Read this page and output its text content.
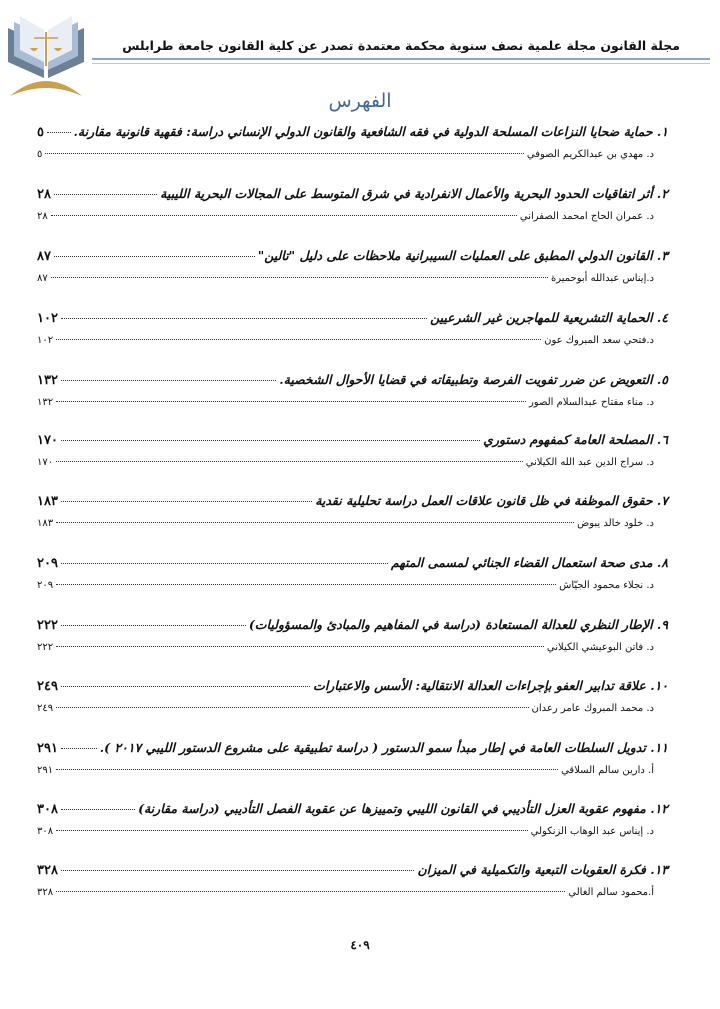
مجلة القانون مجلة علمية نصف سنوية محكمة معتمدة تصدر عن كلية القانون جامعة طرابلس
الفهرس
١. حماية ضحايا النزاعات المسلحة الدولية في فقه الشافعية والقانون الدولي الإنساني دراسة: فقهية قانونية مقارنة.
٥
د. مهدي بن عبدالكريم الصوفي
٥
٢. أثر اتفاقيات الحدود البحرية والأعمال الانفرادية في شرق المتوسط على المجالات البحرية الليبية
٢٨
د. عمران الحاج امحمد الصفراني
٢٨
٣. القانون الدولي المطبق على العمليات السيبرانية ملاحظات على دليل "تالين"
٨٧
د.إيناس عبدالله أبوحميرة
٨٧
٤. الحماية التشريعية للمهاجرين غير الشرعيين
١٠٢
د.فتحي سعد المبروك عون
١٠٢
٥. التعويض عن ضرر تفويت الفرصة وتطبيقاته في قضايا الأحوال الشخصية.
١٣٢
د. مناء مفتاح عبدالسلام الصور
١٣٢
٦. المصلحة العامة كمفهوم دستوري
١٧٠
د. سراج الدين عبد الله الكيلاني
١٧٠
٧. حقوق الموظفة في ظل قانون علاقات العمل دراسة تحليلية نقدية
١٨٣
د. خلود خالد يبوض
١٨٣
٨. مدى صحة استعمال القضاء الجنائي لمسمى المتهم
٢٠٩
د. نجلاء محمود الجيّاش
٢٠٩
٩. الإطار النظري للعدالة المستعادة (دراسة في المفاهيم والمبادئ والمسؤوليات)
٢٢٢
د. فاتن البوعيشي الكيلاني
٢٢٢
١٠. علاقة تدابير العفو بإجراءات العدالة الانتقالية: الأسس والاعتبارات
٢٤٩
د. محمد المبروك عامر رعدان
٢٤٩
١١. تدويل السلطات العامة في إطار مبدأ سمو الدستور ( دراسة تطبيقية على مشروع الدستور الليبي ٢٠١٧ ).
٢٩١
أ. دارين سالم السلاقي
٢٩١
١٢. مفهوم عقوبة العزل التأديبي في القانون الليبي وتمييزها عن عقوبة الفصل التأديبي (دراسة مقارنة)
٣٠٨
د. إيناس عبد الوهاب الزنكولي
٣٠٨
١٣. فكرة العقوبات التبعية والتكميلية في الميزان
٣٢٨
أ.محمود سالم الغالي
٣٢٨
٤٠٩
